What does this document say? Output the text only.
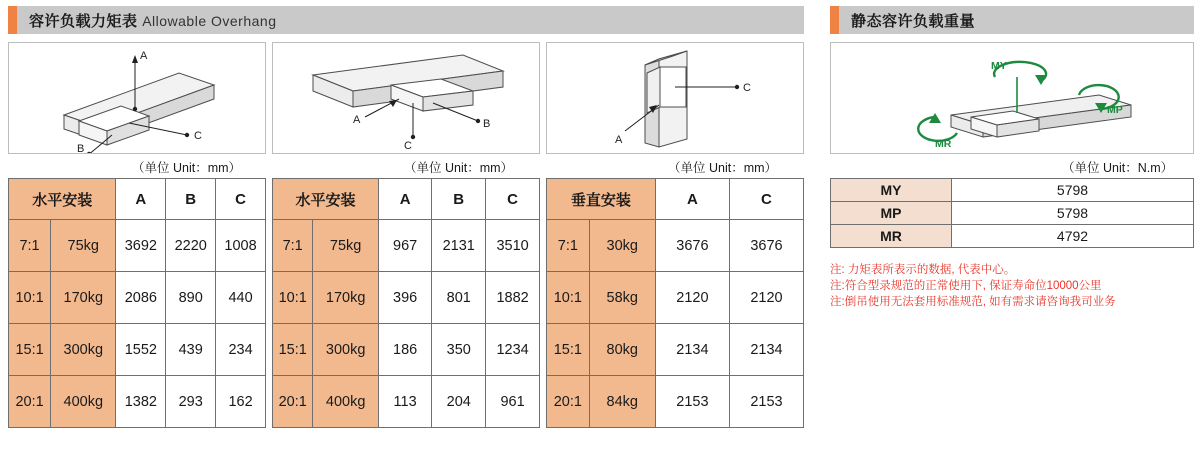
容许负载力矩表 Allowable Overhang	静态容许负载重量
A
B
C
A	B
C	A
C
MY
MP
MR
（单位 Unit：mm）	（单位 Unit：mm）	（单位 Unit：mm）	（单位 Unit：N.m）
水平安装		A	B	C
7:1	75kg	3692	2220	1008
10:1	170kg	2086	890	440
15:1	300kg	1552	439	234
20:1	400kg	1382	293	162
水平安装		A	B	C
7:1	75kg	967	2131	3510
10:1	170kg	396	801	1882
15:1	300kg	186	350	1234
20:1	400kg	113	204	961
垂直安装		A	C
7:1	30kg	3676	3676
10:1	58kg	2120	2120
15:1	80kg	2134	2134
20:1	84kg	2153	2153
MY	5798
MP	5798
MR	4792
注: 力矩表所表示的数据, 代表中心。
注:符合型录规范的正常使用下, 保证寿命位10000公里
注:倒吊使用无法套用标准规范, 如有需求请咨询我司业务
